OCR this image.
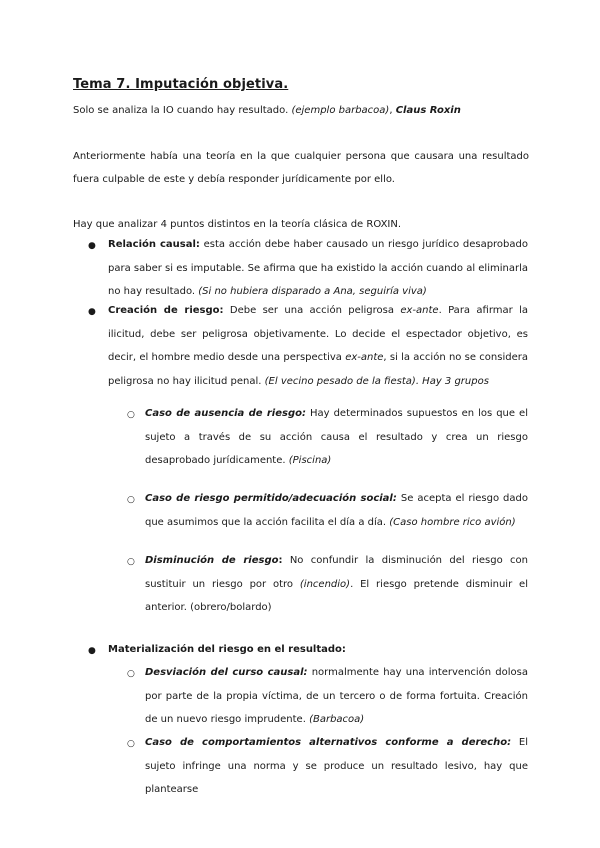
Tema 7. Imputación objetiva.
Solo se analiza la IO cuando hay resultado. (ejemplo barbacoa), Claus Roxin
Anteriormente había una teoría en la que cualquier persona que causara una resultado fuera culpable de este y debía responder jurídicamente por ello.
Hay que analizar 4 puntos distintos en la teoría clásica de ROXIN.
● Relación causal: esta acción debe haber causado un riesgo jurídico desaprobado para saber si es imputable. Se afirma que ha existido la acción cuando al eliminarla no hay resultado. (Si no hubiera disparado a Ana, seguiría viva)
● Creación de riesgo: Debe ser una acción peligrosa ex-ante. Para afirmar la ilicitud, debe ser peligrosa objetivamente. Lo decide el espectador objetivo, es decir, el hombre medio desde una perspectiva ex-ante, si la acción no se considera peligrosa no hay ilicitud penal. (El vecino pesado de la fiesta). Hay 3 grupos
○ Caso de ausencia de riesgo: Hay determinados supuestos en los que el sujeto a través de su acción causa el resultado y crea un riesgo desaprobado jurídicamente. (Piscina)
○ Caso de riesgo permitido/adecuación social: Se acepta el riesgo dado que asumimos que la acción facilita el día a día. (Caso hombre rico avión)
○ Disminución de riesgo: No confundir la disminución del riesgo con sustituir un riesgo por otro (incendio). El riesgo pretende disminuir el anterior. (obrero/bolardo)
● Materialización del riesgo en el resultado:
○ Desviación del curso causal: normalmente hay una intervención dolosa por parte de la propia víctima, de un tercero o de forma fortuita. Creación de un nuevo riesgo imprudente. (Barbacoa)
○ Caso de comportamientos alternativos conforme a derecho: El sujeto infringe una norma y se produce un resultado lesivo, hay que plantearse
